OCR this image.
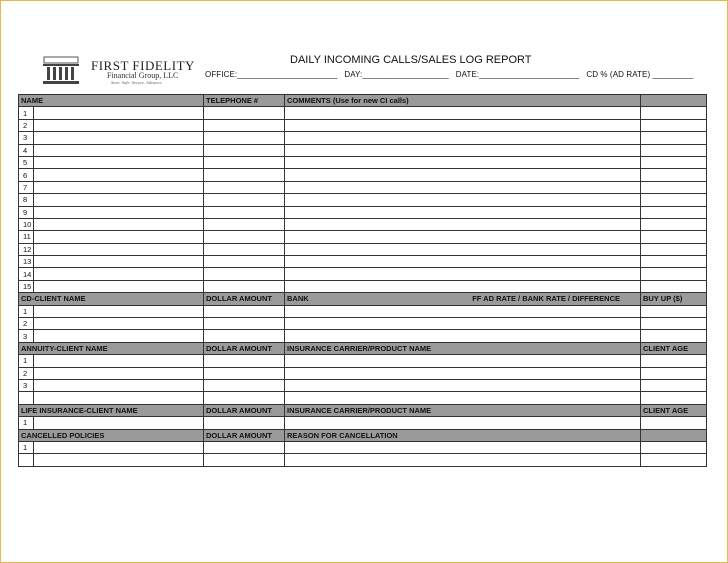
FIRST FIDELITY
Financial Group, LLC
Save. Safe. Secure. Advance.
DAILY INCOMING CALLS/SALES LOG REPORT
OFFICE:______________________ DAY:___________________ DATE:______________________ CD % (AD RATE) _________
NAME		TELEPHONE #	COMMENTS (Use for new CI calls)	
1				
2				
3				
4				
5				
6				
7				
8				
9				
10				
11				
12				
13				
14				
15				
CD-CLIENT NAME		DOLLAR AMOUNT	BANK FF AD RATE / BANK RATE / DIFFERENCE	BUY UP ($)
1				
2				
3				
ANNUITY-CLIENT NAME		DOLLAR AMOUNT	INSURANCE CARRIER/PRODUCT NAME	CLIENT AGE
1				
2				
3				

LIFE INSURANCE-CLIENT NAME		DOLLAR AMOUNT	INSURANCE CARRIER/PRODUCT NAME	CLIENT AGE
1				
CANCELLED POLICIES		DOLLAR AMOUNT	REASON FOR CANCELLATION	
1				
